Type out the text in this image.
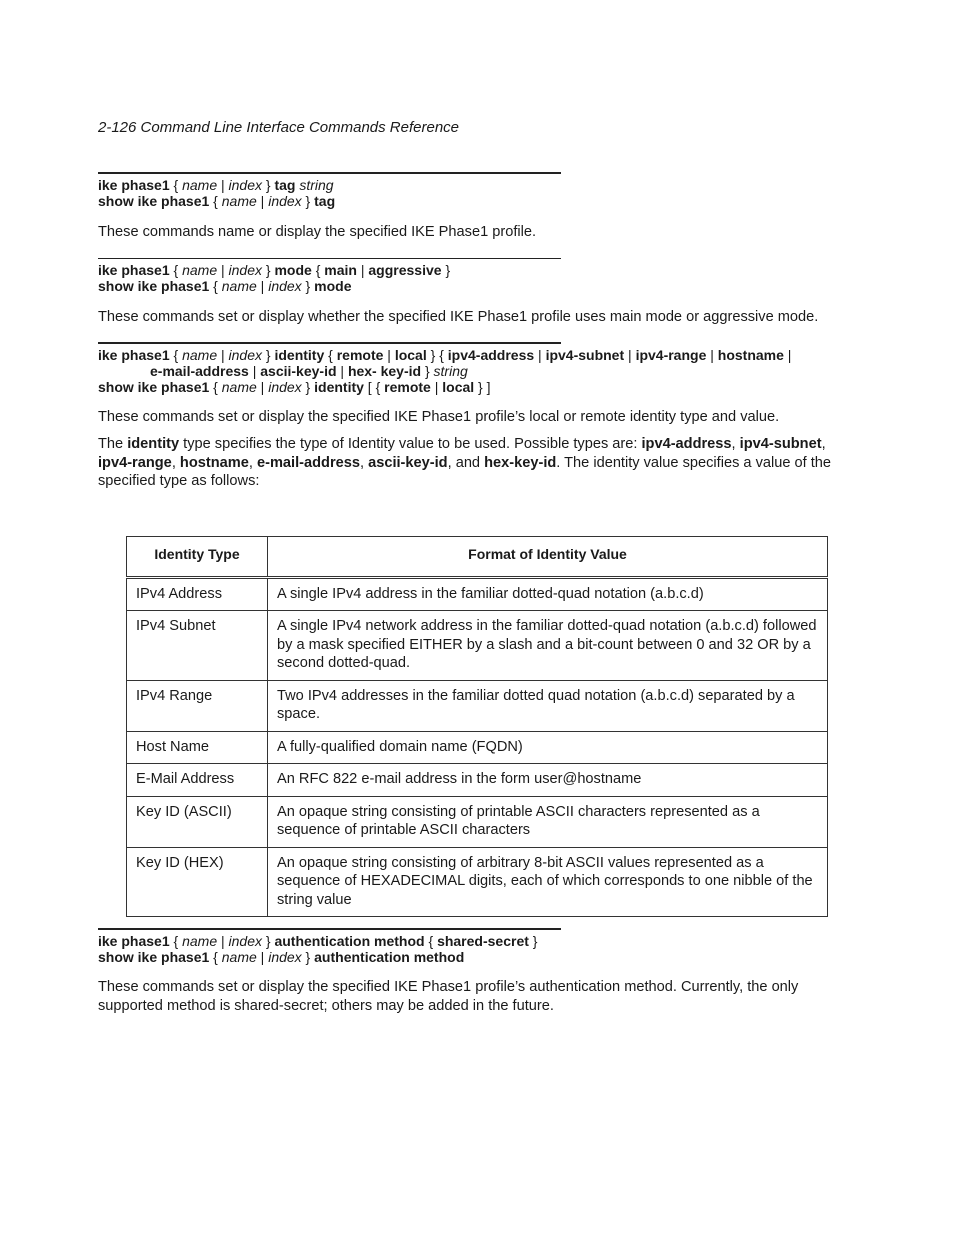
2-126 Command Line Interface Commands Reference
ike phase1 { name | index } tag string
show ike phase1 { name | index } tag

These commands name or display the specified IKE Phase1 profile.

ike phase1 { name | index } mode { main | aggressive }
show ike phase1 { name | index } mode

These commands set or display whether the specified IKE Phase1 profile uses main mode or aggressive mode.

ike phase1 { name | index } identity { remote | local } { ipv4-address | ipv4-subnet | ipv4-range | hostname |
e-mail-address | ascii-key-id | hex- key-id } string
show ike phase1 { name | index } identity [ { remote | local } ]

These commands set or display the specified IKE Phase1 profile’s local or remote identity type and value.

The identity type specifies the type of Identity value to be used. Possible types are: ipv4-address, ipv4-subnet, ipv4-range, hostname, e-mail-address, ascii-key-id, and hex-key-id. The identity value specifies a value of the specified type as follows:

Identity Type	Format of Identity Value
IPv4 Address	A single IPv4 address in the familiar dotted-quad notation (a.b.c.d)
IPv4 Subnet	A single IPv4 network address in the familiar dotted-quad notation (a.b.c.d) followed by a mask specified EITHER by a slash and a bit-count between 0 and 32 OR by a second dotted-quad.
IPv4 Range	Two IPv4 addresses in the familiar dotted quad notation (a.b.c.d) separated by a space.
Host Name	A fully-qualified domain name (FQDN)
E-Mail Address	An RFC 822 e-mail address in the form user@hostname
Key ID (ASCII)	An opaque string consisting of printable ASCII characters represented as a sequence of printable ASCII characters
Key ID (HEX)	An opaque string consisting of arbitrary 8-bit ASCII values represented as a sequence of HEXADECIMAL digits, each of which corresponds to one nibble of the string value
ike phase1 { name | index } authentication method { shared-secret }
show ike phase1 { name | index } authentication method

These commands set or display the specified IKE Phase1 profile’s authentication method. Currently, the only supported method is shared-secret; others may be added in the future.
